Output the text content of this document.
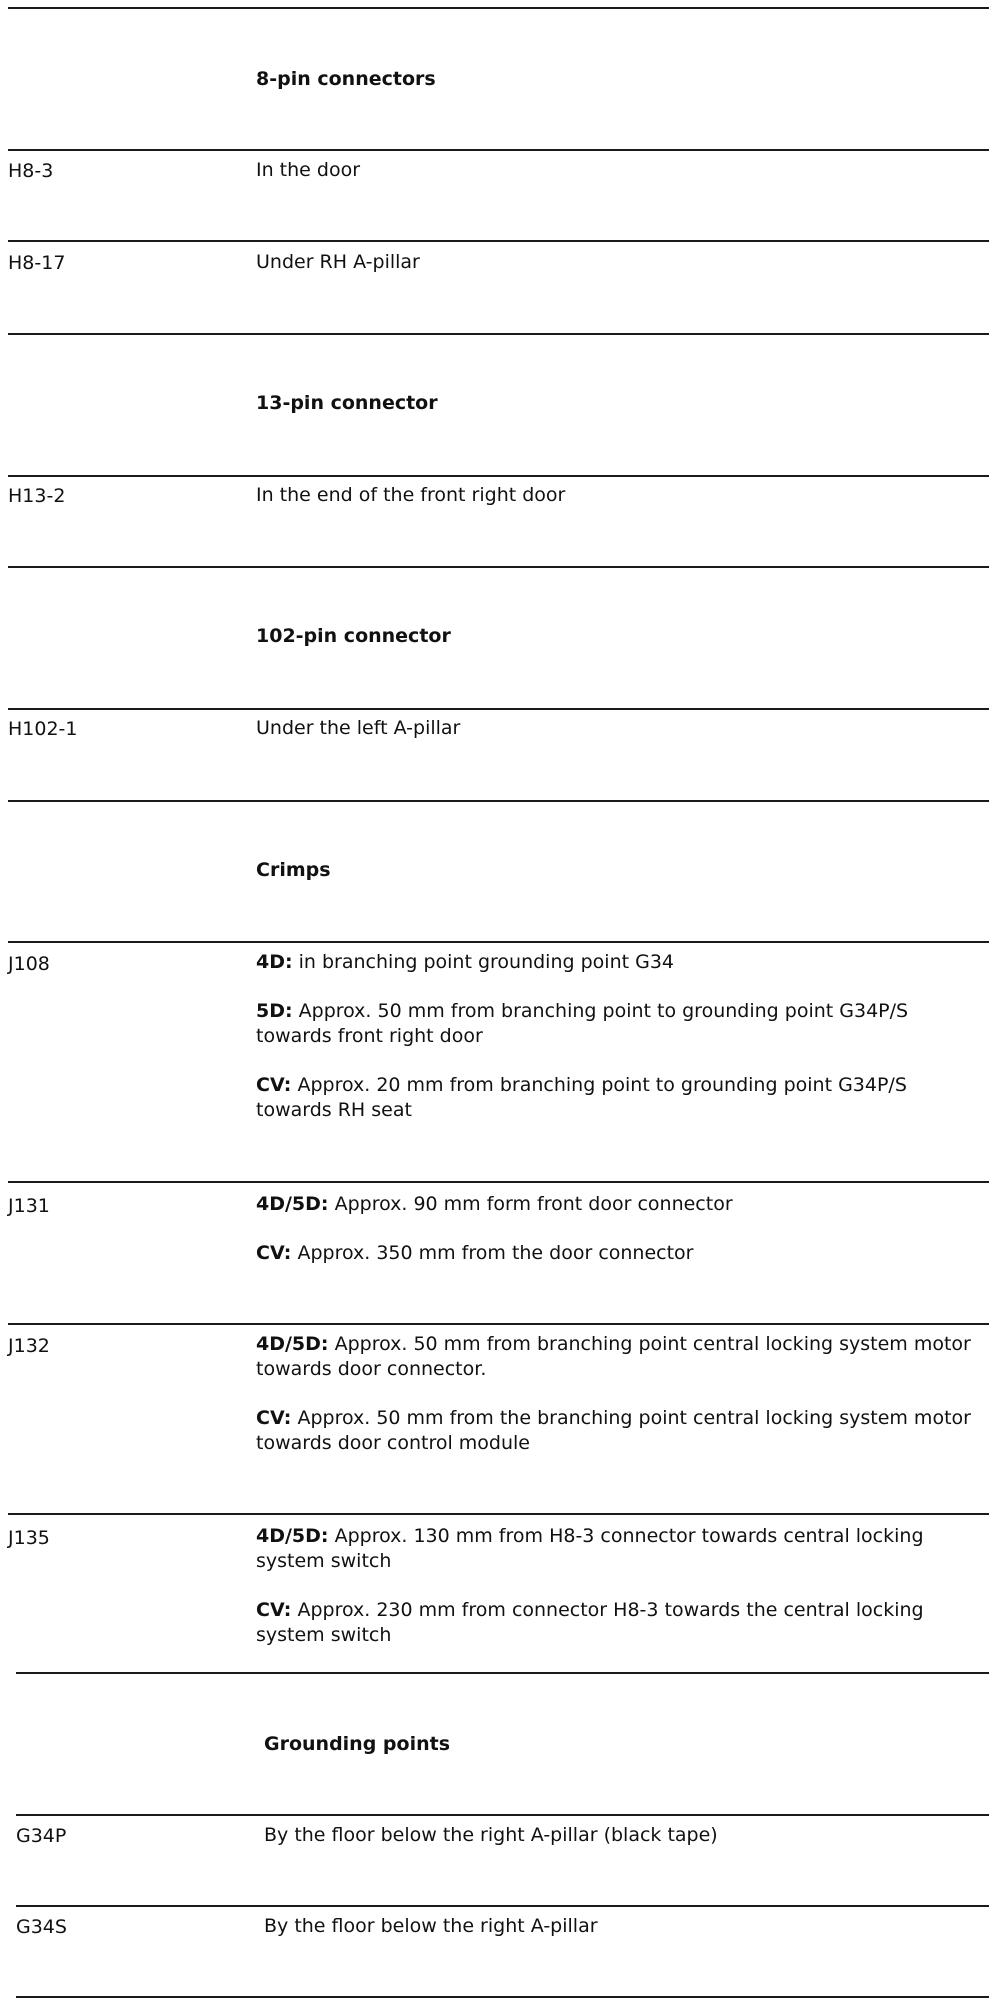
8-pin connectors
H8-3	In the door
H8-17	Under RH A-pillar
13-pin connector
H13-2	In the end of the front right door
102-pin connector
H102-1	Under the left A-pillar
Crimps
J108	4D: in branching point grounding point G34

5D: Approx. 50 mm from branching point to grounding point G34P/S towards front right door

CV: Approx. 20 mm from branching point to grounding point G34P/S towards RH seat

J131	4D/5D: Approx. 90 mm form front door connector

CV: Approx. 350 mm from the door connector

J132	4D/5D: Approx. 50 mm from branching point central locking system motor towards door connector.

CV: Approx. 50 mm from the branching point central locking system motor towards door control module

J135	4D/5D: Approx. 130 mm from H8-3 connector towards central locking system switch

CV: Approx. 230 mm from connector H8-3 towards the central locking system switch

Grounding points
G34P	By the floor below the right A-pillar (black tape)
G34S	By the floor below the right A-pillar
